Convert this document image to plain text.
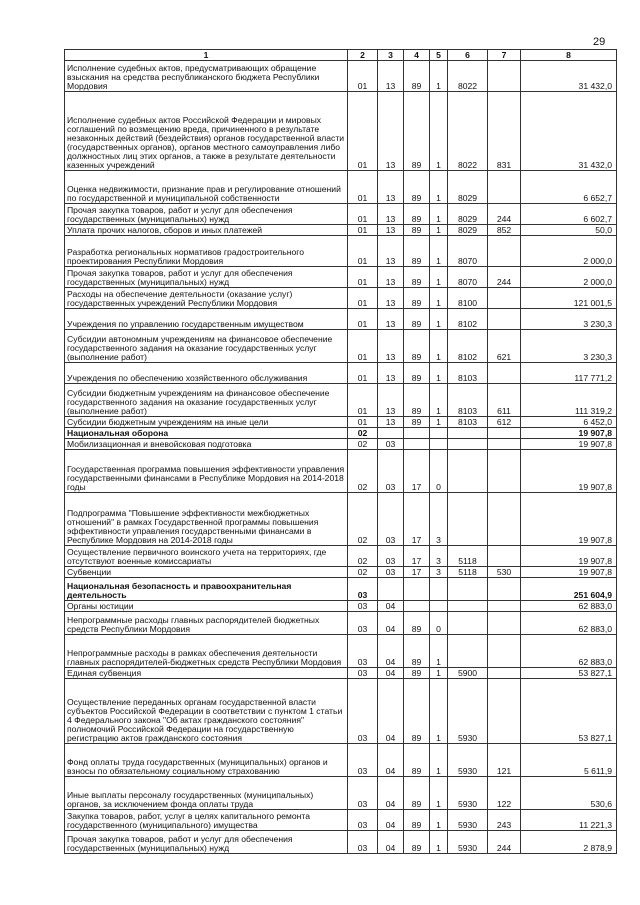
29
1	2	3	4	5	6	7	8
Исполнение судебных актов, предусматривающих обращение взыскания на средства республиканского бюджета Республики Мордовия	01	13	89	1	8022		31 432,0
Исполнение судебных актов Российской Федерации и мировых соглашений по возмещению вреда, причиненного в результате незаконных действий (бездействия) органов государственной власти (государственных органов), органов местного самоуправления либо должностных лиц этих органов, а также в результате деятельности казенных учреждений	01	13	89	1	8022	831	31 432,0
Оценка недвижимости, признание прав и регулирование отношений по государственной и муниципальной собственности	01	13	89	1	8029		6 652,7
Прочая закупка товаров, работ и услуг для обеспечения государственных (муниципальных) нужд	01	13	89	1	8029	244	6 602,7
Уплата прочих налогов, сборов и иных платежей	01	13	89	1	8029	852	50,0
Разработка региональных нормативов градостроительного проектирования Республики Мордовия	01	13	89	1	8070		2 000,0
Прочая закупка товаров, работ и услуг для обеспечения государственных (муниципальных) нужд	01	13	89	1	8070	244	2 000,0
Расходы на обеспечение деятельности (оказание услуг) государственных учреждений Республики Мордовия	01	13	89	1	8100		121 001,5
Учреждения по управлению государственным имуществом	01	13	89	1	8102		3 230,3
Субсидии автономным учреждениям на финансовое обеспечение государственного задания на оказание государственных услуг (выполнение работ)	01	13	89	1	8102	621	3 230,3
Учреждения по обеспечению хозяйственного обслуживания	01	13	89	1	8103		117 771,2
Субсидии бюджетным учреждениям на финансовое обеспечение государственного задания на оказание государственных услуг (выполнение работ)	01	13	89	1	8103	611	111 319,2
Субсидии бюджетным учреждениям на иные цели	01	13	89	1	8103	612	6 452,0
Национальная оборона	02						19 907,8
Мобилизационная и вневойсковая подготовка	02	03					19 907,8
Государственная программа повышения эффективности управления государственными финансами в Республике Мордовия на 2014-2018 годы	02	03	17	0			19 907,8
Подпрограмма "Повышение эффективности межбюджетных отношений" в рамках Государственной программы повышения эффективности управления государственными финансами в Республике Мордовия на 2014-2018 годы	02	03	17	3			19 907,8
Осуществление первичного воинского учета на территориях, где отсутствуют военные комиссариаты	02	03	17	3	5118		19 907,8
Субвенции	02	03	17	3	5118	530	19 907,8
Национальная безопасность и правоохранительная деятельность	03						251 604,9
Органы юстиции	03	04					62 883,0
Непрограммные расходы главных распорядителей бюджетных средств Республики Мордовия	03	04	89	0			62 883,0
Непрограммные расходы в рамках обеспечения деятельности главных распорядителей-бюджетных средств Республики Мордовия	03	04	89	1			62 883,0
Единая субвенция	03	04	89	1	5900		53 827,1
Осуществление переданных органам государственной власти субъектов Российской Федерации в соответствии с пунктом 1 статьи 4 Федерального закона "Об актах гражданского состояния" полномочий Российской Федерации на государственную регистрацию актов гражданского состояния	03	04	89	1	5930		53 827,1
Фонд оплаты труда государственных (муниципальных) органов и взносы по обязательному социальному страхованию	03	04	89	1	5930	121	5 611,9
Иные выплаты персоналу государственных (муниципальных) органов, за исключением фонда оплаты труда	03	04	89	1	5930	122	530,6
Закупка товаров, работ, услуг в целях капитального ремонта государственного (муниципального) имущества	03	04	89	1	5930	243	11 221,3
Прочая закупка товаров, работ и услуг для обеспечения государственных (муниципальных) нужд	03	04	89	1	5930	244	2 878,9
